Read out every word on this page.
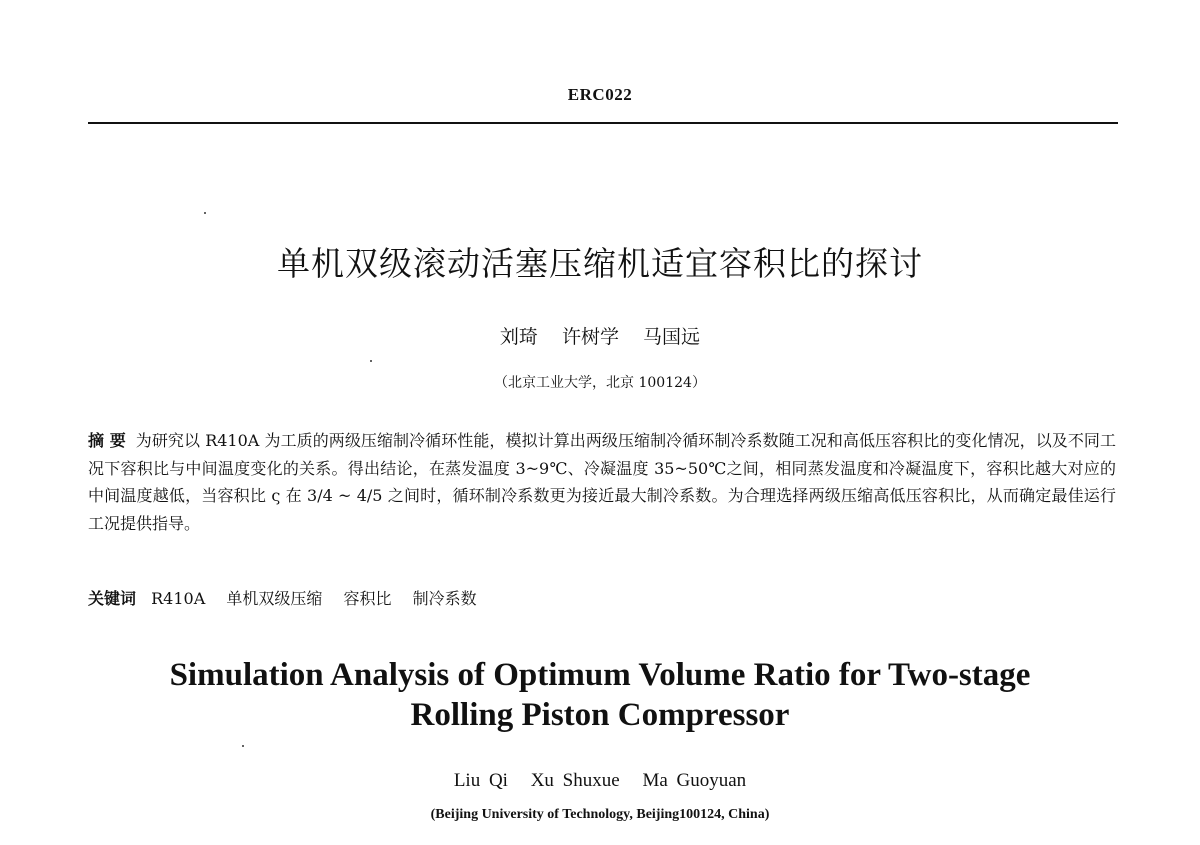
ERC022
单机双级滚动活塞压缩机适宜容积比的探讨
刘琦 许树学 马国远
（北京工业大学，北京 100124）
摘 要 为研究以 R410A 为工质的两级压缩制冷循环性能，模拟计算出两级压缩制冷循环制冷系数随工况和高低压容积比的变化情况，以及不同工况下容积比与中间温度变化的关系。得出结论，在蒸发温度 3~9℃、冷凝温度 35~50℃之间，相同蒸发温度和冷凝温度下，容积比越大对应的中间温度越低，当容积比 ς 在 3/4 ~ 4/5 之间时，循环制冷系数更为接近最大制冷系数。为合理选择两级压缩高低压容积比，从而确定最佳运行工况提供指导。
关键词 R410A 单机双级压缩 容积比 制冷系数
Simulation Analysis of Optimum Volume Ratio for Two-stage
Rolling Piston Compressor
Liu Qi Xu Shuxue Ma Guoyuan
(Beijing University of Technology, Beijing100124, China)
